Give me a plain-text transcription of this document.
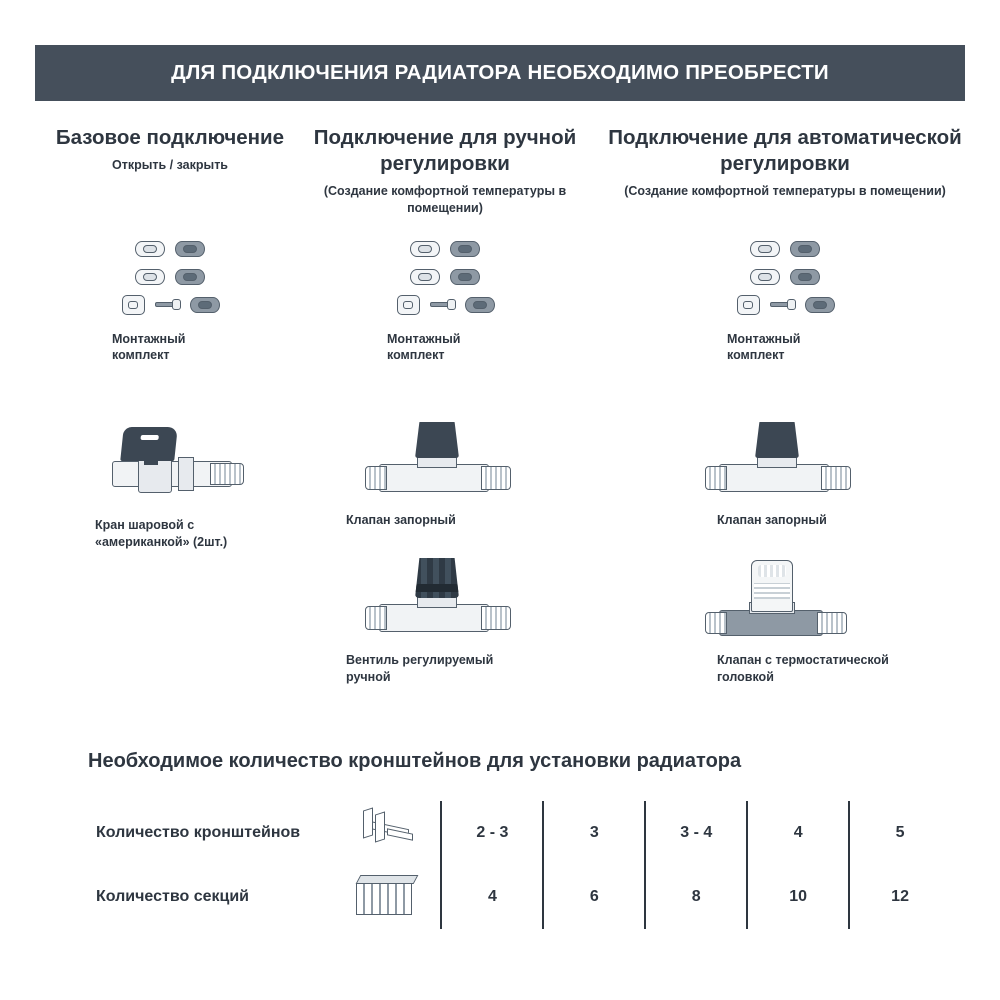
ДЛЯ ПОДКЛЮЧЕНИЯ РАДИАТОРА НЕОБХОДИМО ПРЕОБРЕСТИ
Базовое подключение
Открыть / закрыть
Монтажный комплект
Кран шаровой с «американкой» (2шт.)
Подключение для ручной регулировки
(Создание комфортной температуры в помещении)
Монтажный комплект
Клапан запорный
Вентиль регулируемый ручной
Подключение для автоматической регулировки
(Создание комфортной температуры в помещении)
Монтажный комплект
Клапан запорный
Клапан с термостатической головкой
Необходимое количество кронштейнов для установки радиатора
Количество кронштейнов		2 - 3	3	3 - 4	4	5
Количество секций		4	6	8	10	12
